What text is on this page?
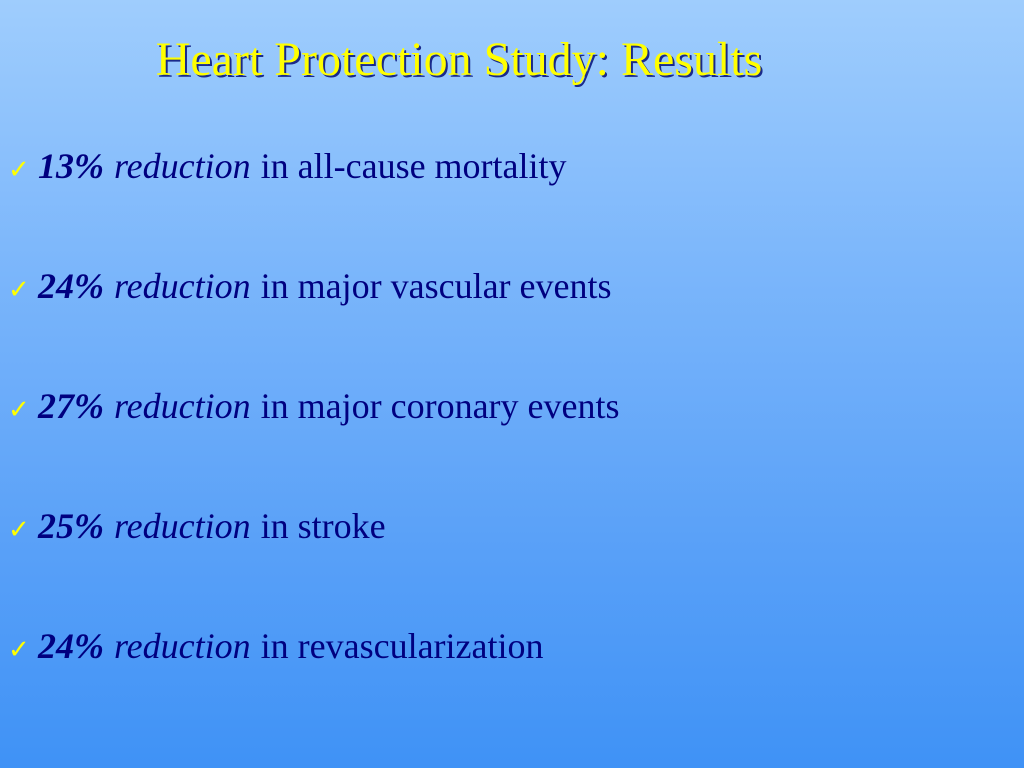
Heart Protection Study: Results
✓ 13% reduction in all-cause mortality
✓ 24% reduction in major vascular events
✓ 27% reduction in major coronary events
✓ 25% reduction in stroke
✓ 24% reduction in revascularization
